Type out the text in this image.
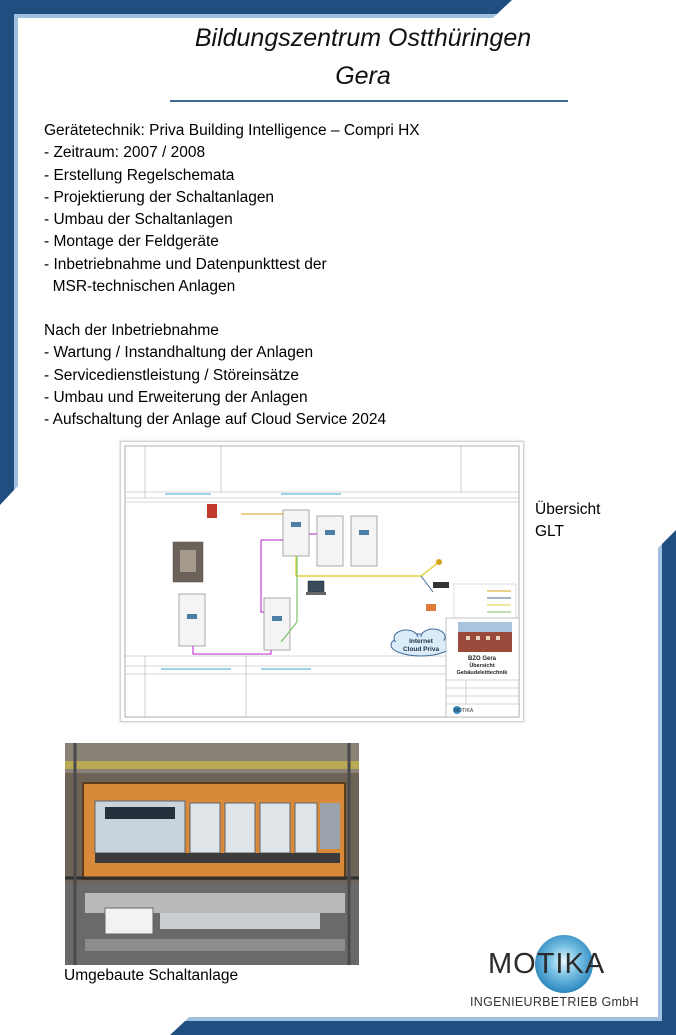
Bildungszentrum Ostthüringen
Gera
Gerätetechnik: Priva Building Intelligence – Compri HX
- Zeitraum: 2007 / 2008
- Erstellung Regelschemata
- Projektierung der Schaltanlagen
- Umbau der Schaltanlagen
- Montage der Feldgeräte
- Inbetriebnahme und Datenpunkttest der
MSR-technischen Anlagen
Nach der Inbetriebnahme
- Wartung / Instandhaltung der Anlagen
- Servicedienstleistung / Störeinsätze
- Umbau und Erweiterung der Anlagen
- Aufschaltung der Anlage auf Cloud Service 2024
Internet
Cloud Priva
BZO Gera
Übersicht
Gebäudeleittechnik
MOTIKA
Übersicht
GLT
Umgebaute Schaltanlage	MOTIKA
INGENIEURBETRIEB GmbH
